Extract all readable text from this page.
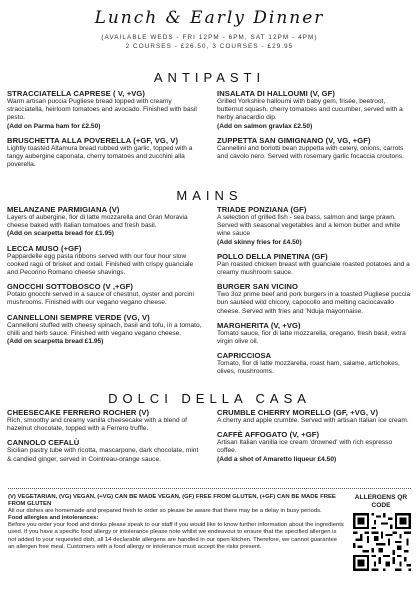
Lunch & Early Dinner
(AVAILABLE WEDS - FRI 12PM - 6PM, SAT 12PM - 4PM)
2 COURSES - £26.50, 3 COURSES - £29.95
ANTIPASTI
STRACCIATELLA CAPRESE ( V, +VG)
Warm artisan puccia Pugliese bread topped with creamy stracciatella, heirloom tomatoes and avocado. Finished with basil pesto.
(Add on Parma ham for £2.50)
BRUSCHETTA ALLA POVERELLA (+GF, VG, V)
Lightly toasted Altamura bread rubbed with garlic, topped with a tangy aubergine caponata, cherry tomatoes and zucchini alla poverella.
INSALATA DI HALLOUMI (V, GF)
Grilled Yorkshire halloumi with baby gem, frisée, beetroot, butternut squash, cherry tomatoes and cucumber, served with a herby anacardio dip.
(Add on salmon gravlax £2.50)
ZUPPETTA SAN GIMIGNANO (V, VG, +GF)
Cannellini and borlotti bean zuppetta with celery, onions, carrots and cavolo nero. Served with rosemary garlic focaccia croutons.
MAINS
MELANZANE PARMIGIANA (V)
Layers of aubergine, fior di latte mozzarella and Gran Moravia cheese baked with Italian tomatoes and fresh basil.
(Add on scarpetta bread for £1.95)
LECCA MUSO (+GF)
Pappardelle egg pasta ribbons served with our four hour slow cooked ragù of brisket and oxtail. Finished with crispy guanciale and Pecorino Romano cheese shavings.
GNOCCHI SOTTOBOSCO (V ,+GF)
Potato gnocchi served in a sauce of chestnut, oyster and porcini mushrooms. Finished with our vegano vegano cheese.
CANNELLONI SEMPRE VERDE (VG, V)
Cannelloni stuffed with cheesy spinach, basil and tofu, in a tomato, chilli and herb sauce. Finished with vegano vegano cheese.
(Add on scarpetta bread £1.95)
TRIADE PONZIANA (GF)
A selection of grilled fish - sea bass, salmon and large prawn. Served with seasonal vegetables and a lemon butter and white wine sauce
(Add skinny fries for £4.50)
POLLO DELLA PINETINA (GF)
Pan roasted chicken breast with guanciale roasted potatoes and a creamy mushroom sauce.
BURGER SAN VICINO
Two 3oz prime beef and pork burgers in a toasted Pugliese puccia bun sautéed wild chicory, capocollo and melting caciocavallo cheese. Served with fries and 'Nduja mayonnaise.
MARGHERITA (V, +VG)
Tomato sauce, fior di latte mozzarella, oregano, fresh basil, extra virgin olive oil.
CAPRICCIOSA
Tomato, fior di latte mozzarella, roast ham, salame, artichokes, olives, mushrooms.
DOLCI DELLA CASA
CHEESECAKE FERRERO ROCHER (V)
Rich, smoothy and creamy vanilla cheesecake with a blend of hazelnut chocolate, topped with a Ferrero truffle.
CANNOLO CEFALÙ
Sicilian pastry tube with ricotta, mascarpone, dark chocolate, mint & candied ginger, served in Cointreau-orange sauce.
CRUMBLE CHERRY MORELLO (GF, +VG, V)
A cherry and apple crumble. Served with artisan Italian ice cream.
CAFFÈ AFFOGATO (V, +GF)
Artisan Italian vanilla ice cream 'drowned' with rich espresso coffee.
(Add a shot of Amaretto liqueur £4.50)
(V) VEGETARIAN, (VG) VEGAN, (+VG) CAN BE MADE VEGAN, (GF) FREE FROM GLUTEN, (+GF) CAN BE MADE FREE FROM GLUTEN
All our dishes are homemade and prepared fresh to order so please be aware that there may be a delay in busy periods.
Food allergies and intolerances:
Before you order your food and drinks please speak to our staff if you would like to know further information about the ingredients used. If you have a specific food allergy or intolerance please note whilst we endeavour to ensure that the specified allergen is not added to your requested dish, all 14 declarable allergens are handled in our open kitchen. Therefore, we cannot guarantee an allergen free meal. Customers with a food allergy or intolerance must accept the risks present.
ALLERGENS QR CODE
